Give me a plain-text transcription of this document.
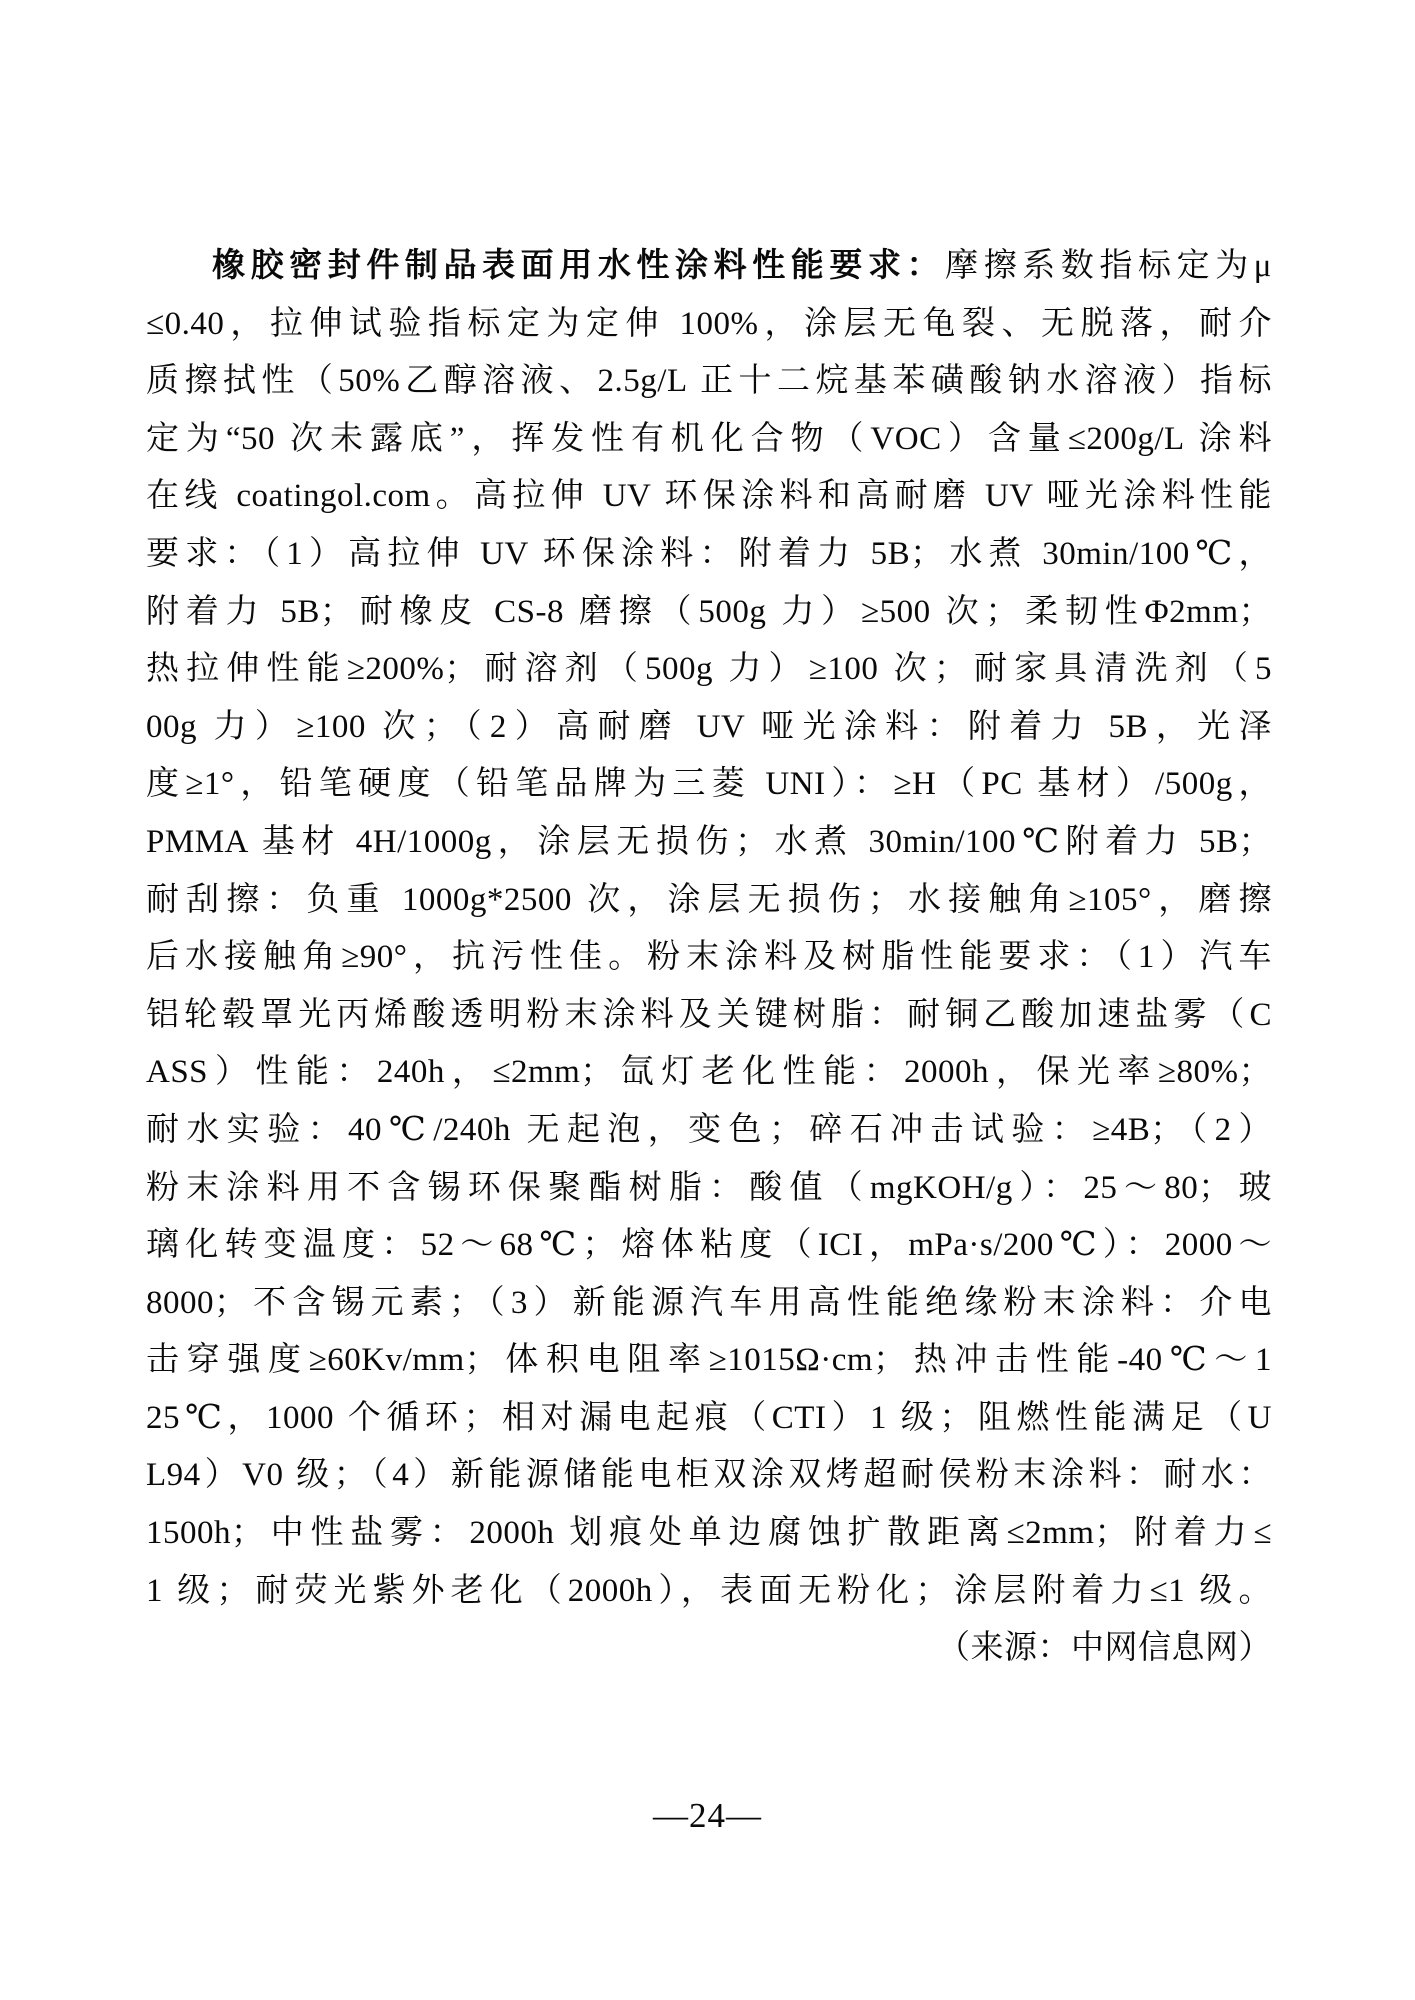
橡胶密封件制品表面用水性涂料性能要求：摩擦系数指标定为μ
≤0.40，拉伸试验指标定为定伸 100%，涂层无龟裂、无脱落，耐介
质擦拭性（50%乙醇溶液、2.5g/L 正十二烷基苯磺酸钠水溶液）指标
定为“50 次未露底”，挥发性有机化合物（VOC）含量≤200g/L 涂料
在线 coatingol.com。高拉伸 UV 环保涂料和高耐磨 UV 哑光涂料性能
要求：（1）高拉伸 UV 环保涂料：附着力 5B；水煮 30min/100℃，
附着力 5B；耐橡皮 CS-8 磨擦（500g 力）≥500 次；柔韧性Φ2mm；
热拉伸性能≥200%；耐溶剂（500g 力）≥100 次；耐家具清洗剂（5
00g 力）≥100 次；（2）高耐磨 UV 哑光涂料：附着力 5B，光泽
度≥1°，铅笔硬度（铅笔品牌为三菱 UNI）：≥H（PC 基材）/500g，
PMMA 基材 4H/1000g，涂层无损伤；水煮 30min/100℃附着力 5B；
耐刮擦：负重 1000g*2500 次，涂层无损伤；水接触角≥105°，磨擦
后水接触角≥90°，抗污性佳。粉末涂料及树脂性能要求：（1）汽车
铝轮毂罩光丙烯酸透明粉末涂料及关键树脂：耐铜乙酸加速盐雾（C
ASS）性能：240h，≤2mm；氙灯老化性能：2000h，保光率≥80%；
耐水实验：40℃/240h 无起泡，变色；碎石冲击试验：≥4B；（2）
粉末涂料用不含锡环保聚酯树脂：酸值（mgKOH/g）：25～80；玻
璃化转变温度：52～68℃；熔体粘度（ICI，mPa·s/200℃）：2000～
8000；不含锡元素；（3）新能源汽车用高性能绝缘粉末涂料：介电
击穿强度≥60Kv/mm；体积电阻率≥1015Ω·cm；热冲击性能-40℃～1
25℃，1000 个循环；相对漏电起痕（CTI）1 级；阻燃性能满足（U
L94）V0 级；（4）新能源储能电柜双涂双烤超耐侯粉末涂料：耐水：
1500h；中性盐雾：2000h 划痕处单边腐蚀扩散距离≤2mm；附着力≤
1 级；耐荧光紫外老化（2000h），表面无粉化；涂层附着力≤1 级。
（来源：中网信息网）
—24—
